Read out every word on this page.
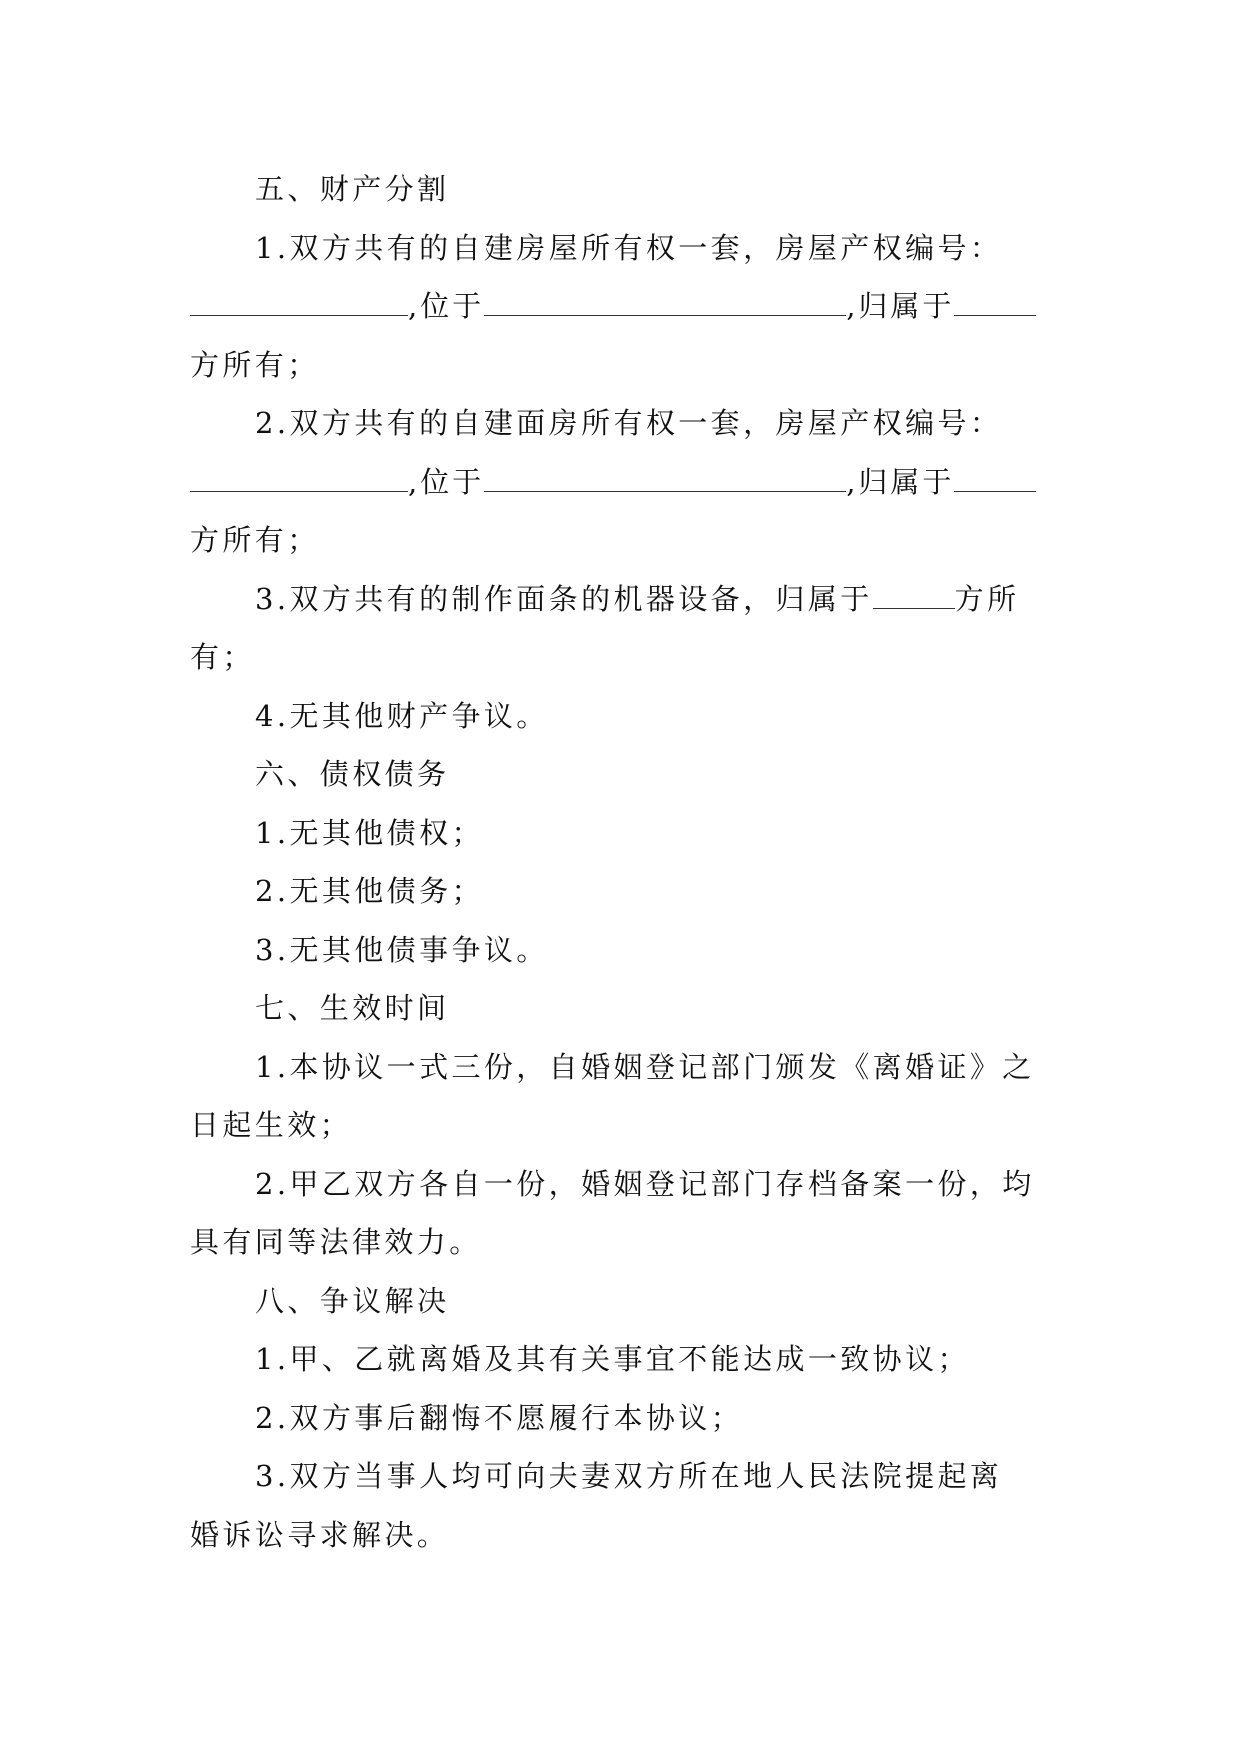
五、财产分割
1.双方共有的自建房屋所有权一套，房屋产权编号：
,位于	,归属于
方所有；
2.双方共有的自建面房所有权一套，房屋产权编号：
,位于	,归属于
方所有；
3.双方共有的制作面条的机器设备，归属于	方所
有；
4.无其他财产争议。
六、债权债务
1.无其他债权；
2.无其他债务；
3.无其他债事争议。
七、生效时间
1.本协议一式三份，自婚姻登记部门颁发《离婚证》之
日起生效；
2.甲乙双方各自一份，婚姻登记部门存档备案一份，均
具有同等法律效力。
八、争议解决
1.甲、乙就离婚及其有关事宜不能达成一致协议；
2.双方事后翻悔不愿履行本协议；
3.双方当事人均可向夫妻双方所在地人民法院提起离
婚诉讼寻求解决。
